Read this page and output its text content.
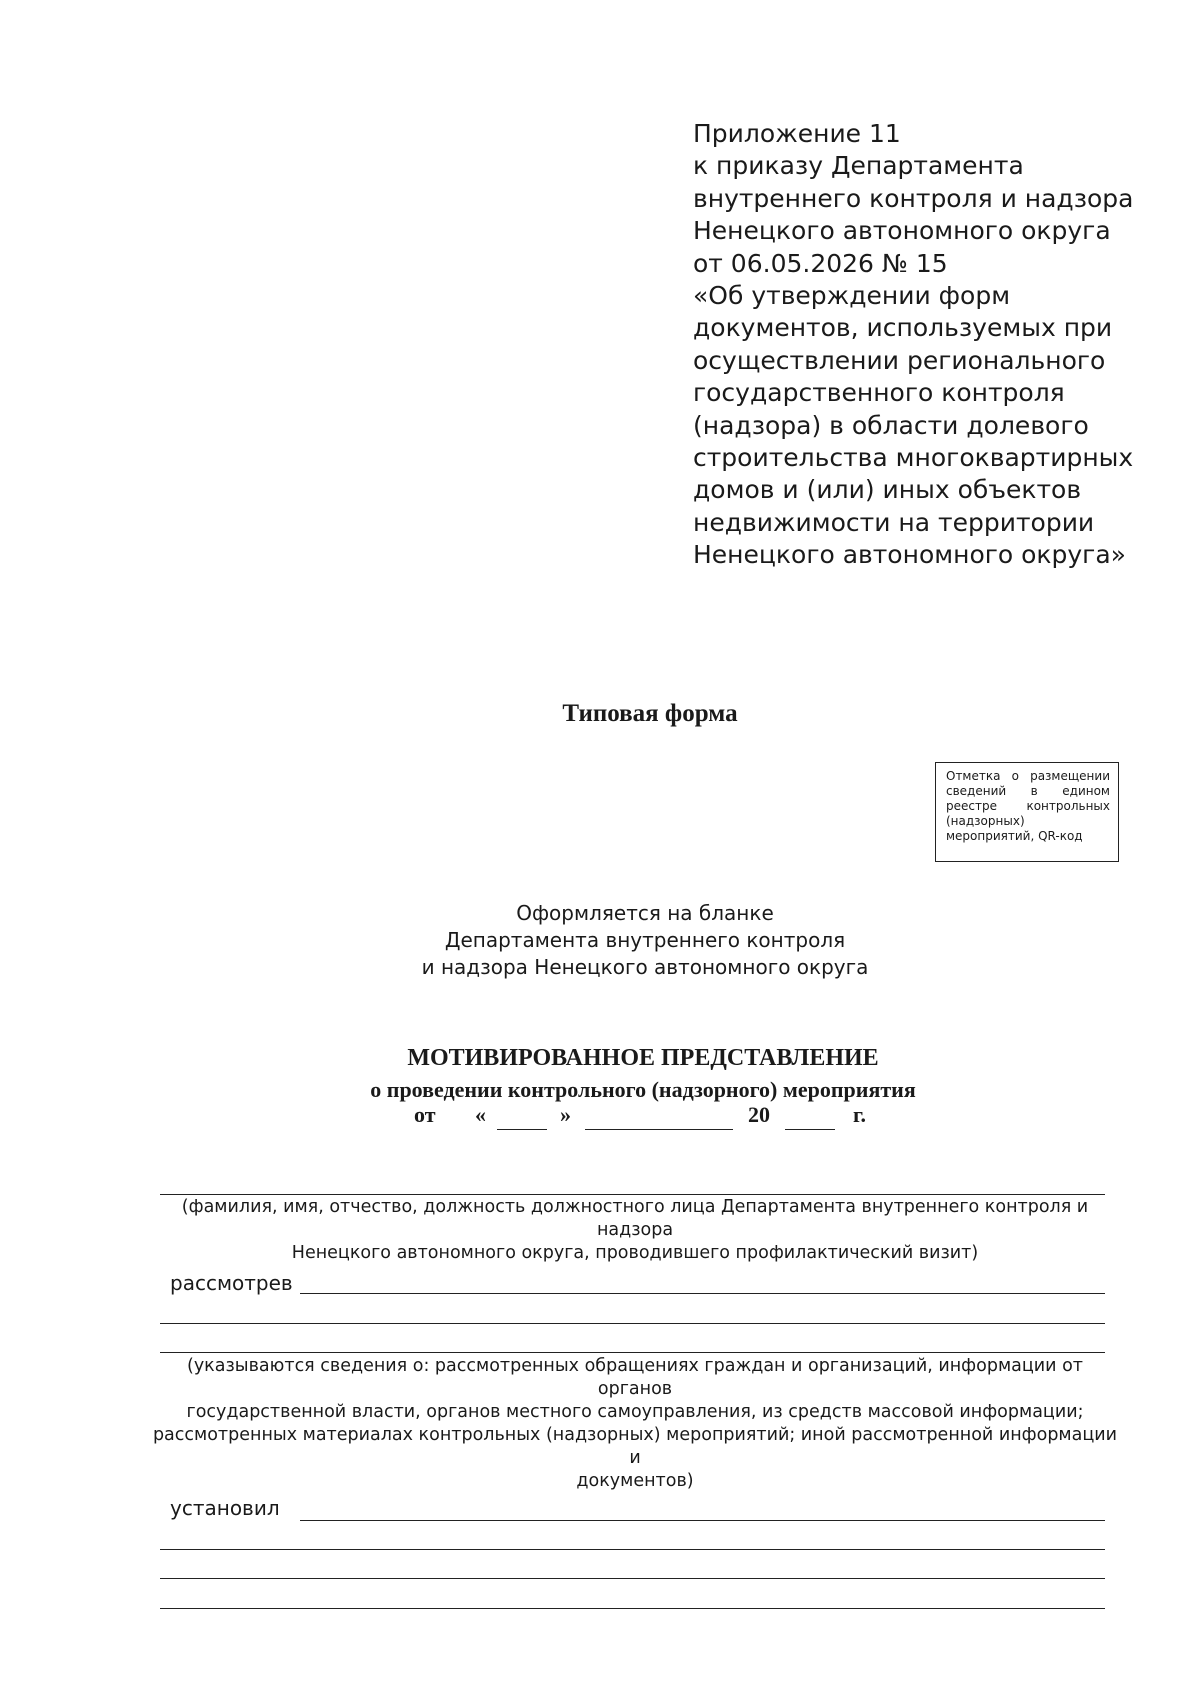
Приложение 11
к приказу Департамента
внутреннего контроля и надзора
Ненецкого автономного округа
от 06.05.2026 № 15
«Об утверждении форм
документов, используемых при
осуществлении регионального
государственного контроля
(надзора) в области долевого
строительства многоквартирных
домов и (или) иных объектов
недвижимости на территории
Ненецкого автономного округа»
Типовая форма
Отметка о размещении сведений в едином реестре контрольных (надзорных) мероприятий, QR-код
Оформляется на бланке
Департамента внутреннего контроля
и надзора Ненецкого автономного округа
МОТИВИРОВАННОЕ ПРЕДСТАВЛЕНИЕ
о проведении контрольного (надзорного) мероприятия
от «	»	20	г.
(фамилия, имя, отчество, должность должностного лица Департамента внутреннего контроля и надзора
Ненецкого автономного округа, проводившего профилактический визит)
рассмотрев
(указываются сведения о: рассмотренных обращениях граждан и организаций, информации от органов
государственной власти, органов местного самоуправления, из средств массовой информации;
рассмотренных материалах контрольных (надзорных) мероприятий; иной рассмотренной информации и
документов)
установил
